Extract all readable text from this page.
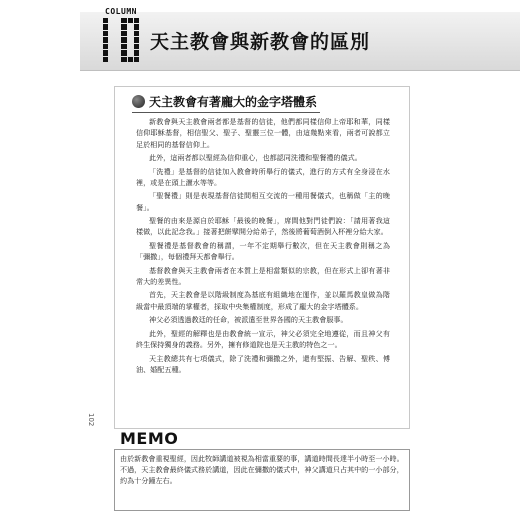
COLUMN
天主教會與新教會的區別
天主教會有著龐大的金字塔體系

新教會與天主教會兩者都是基督的信徒，他們都同樣信仰上帝耶和華，同樣信仰耶穌基督，相信聖父、聖子、聖靈三位一體，由這幾點來看，兩者可說都立足於相同的基督信仰上。

此外，這兩者都以聖經為信仰重心，也都認同洗禮和聖餐禮的儀式。

「洗禮」是基督的信徒加入教會時所舉行的儀式，進行的方式有全身浸在水裡，或是在頭上灑水等等。

「聖餐禮」則是表現基督信徒間相互交流的一種用餐儀式，也稱做「主的晚餐」。

聖餐的由來是源自於耶穌「最後的晚餐」，席間他對門徒們說：「請用著我這樣做，以此記念我。」接著把餅擘開分給弟子，然後將葡萄酒倒入杯裡分給大家。

聖餐禮是基督教會的稱謂，一年不定期舉行數次，但在天主教會則稱之為「彌撒」，每個禮拜天都會舉行。

基督教會與天主教會兩者在本質上是相當類似的宗教，但在形式上卻有著非常大的差異性。

首先，天主教會是以階級制度為基底有組織地在運作，並以羅馬教皇做為階級當中最頂端的掌權者，採取中央集權制度，形成了龐大的金字塔體系。

神父必須透過教廷的任命，被派遣至世界各國的天主教會服事。

此外，聖經的解釋也是由教會統一宣示，神父必須完全地遵從，而且神父有終生保持獨身的義務。另外，擁有修道院也是天主教的特色之一。

天主教總共有七項儀式，除了洗禮和彌撒之外，還有堅振、告解、聖秩、傅油、婚配五種。

102
MEMO
由於新教會重視聖經，因此牧師講道被視為相當重要的事，講道時間長達半小時至一小時。不過，天主教會最終儀式務於講道，因此在彌撒的儀式中，神父講道只占其中的一小部分，約為十分鐘左右。
